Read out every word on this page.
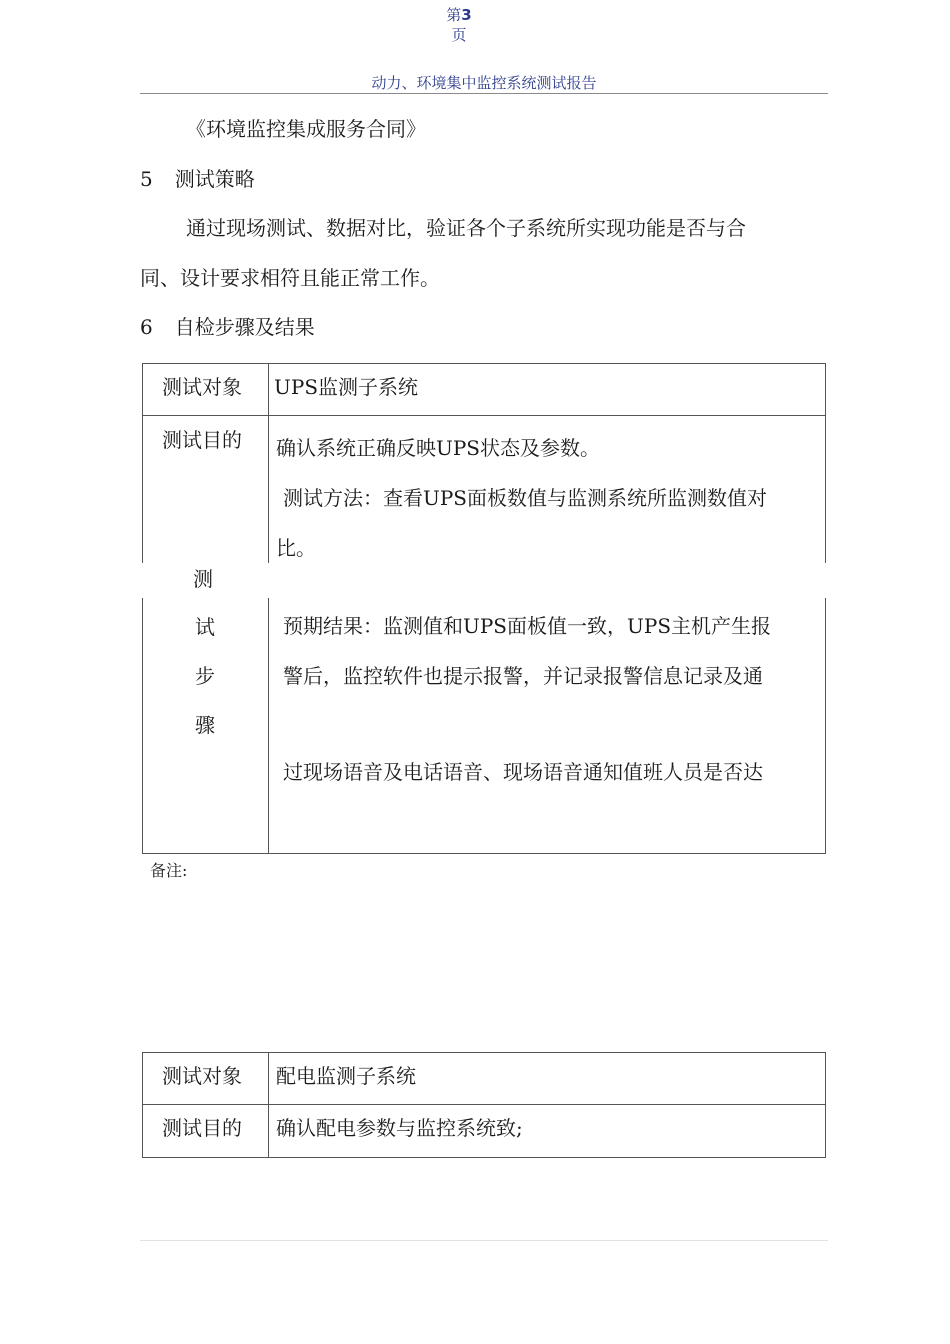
第3
页
动力、环境集中监控系统测试报告
《环境监控集成服务合同》
5 测试策略
通过现场测试、数据对比，验证各个子系统所实现功能是否与合
同、设计要求相符且能正常工作。
6 自检步骤及结果
测试对象 UPS监测子系统
测试目的 确认系统正确反映UPS状态及参数。
测试方法：查看UPS面板数值与监测系统所监测数值对
比。
测
试
步
骤
预期结果：监测值和UPS面板值一致，UPS主机产生报
警后，监控软件也提示报警，并记录报警信息记录及通
过现场语音及电话语音、现场语音通知值班人员是否达
备注:
测试对象 配电监测子系统
测试目的 确认配电参数与监控系统致;
